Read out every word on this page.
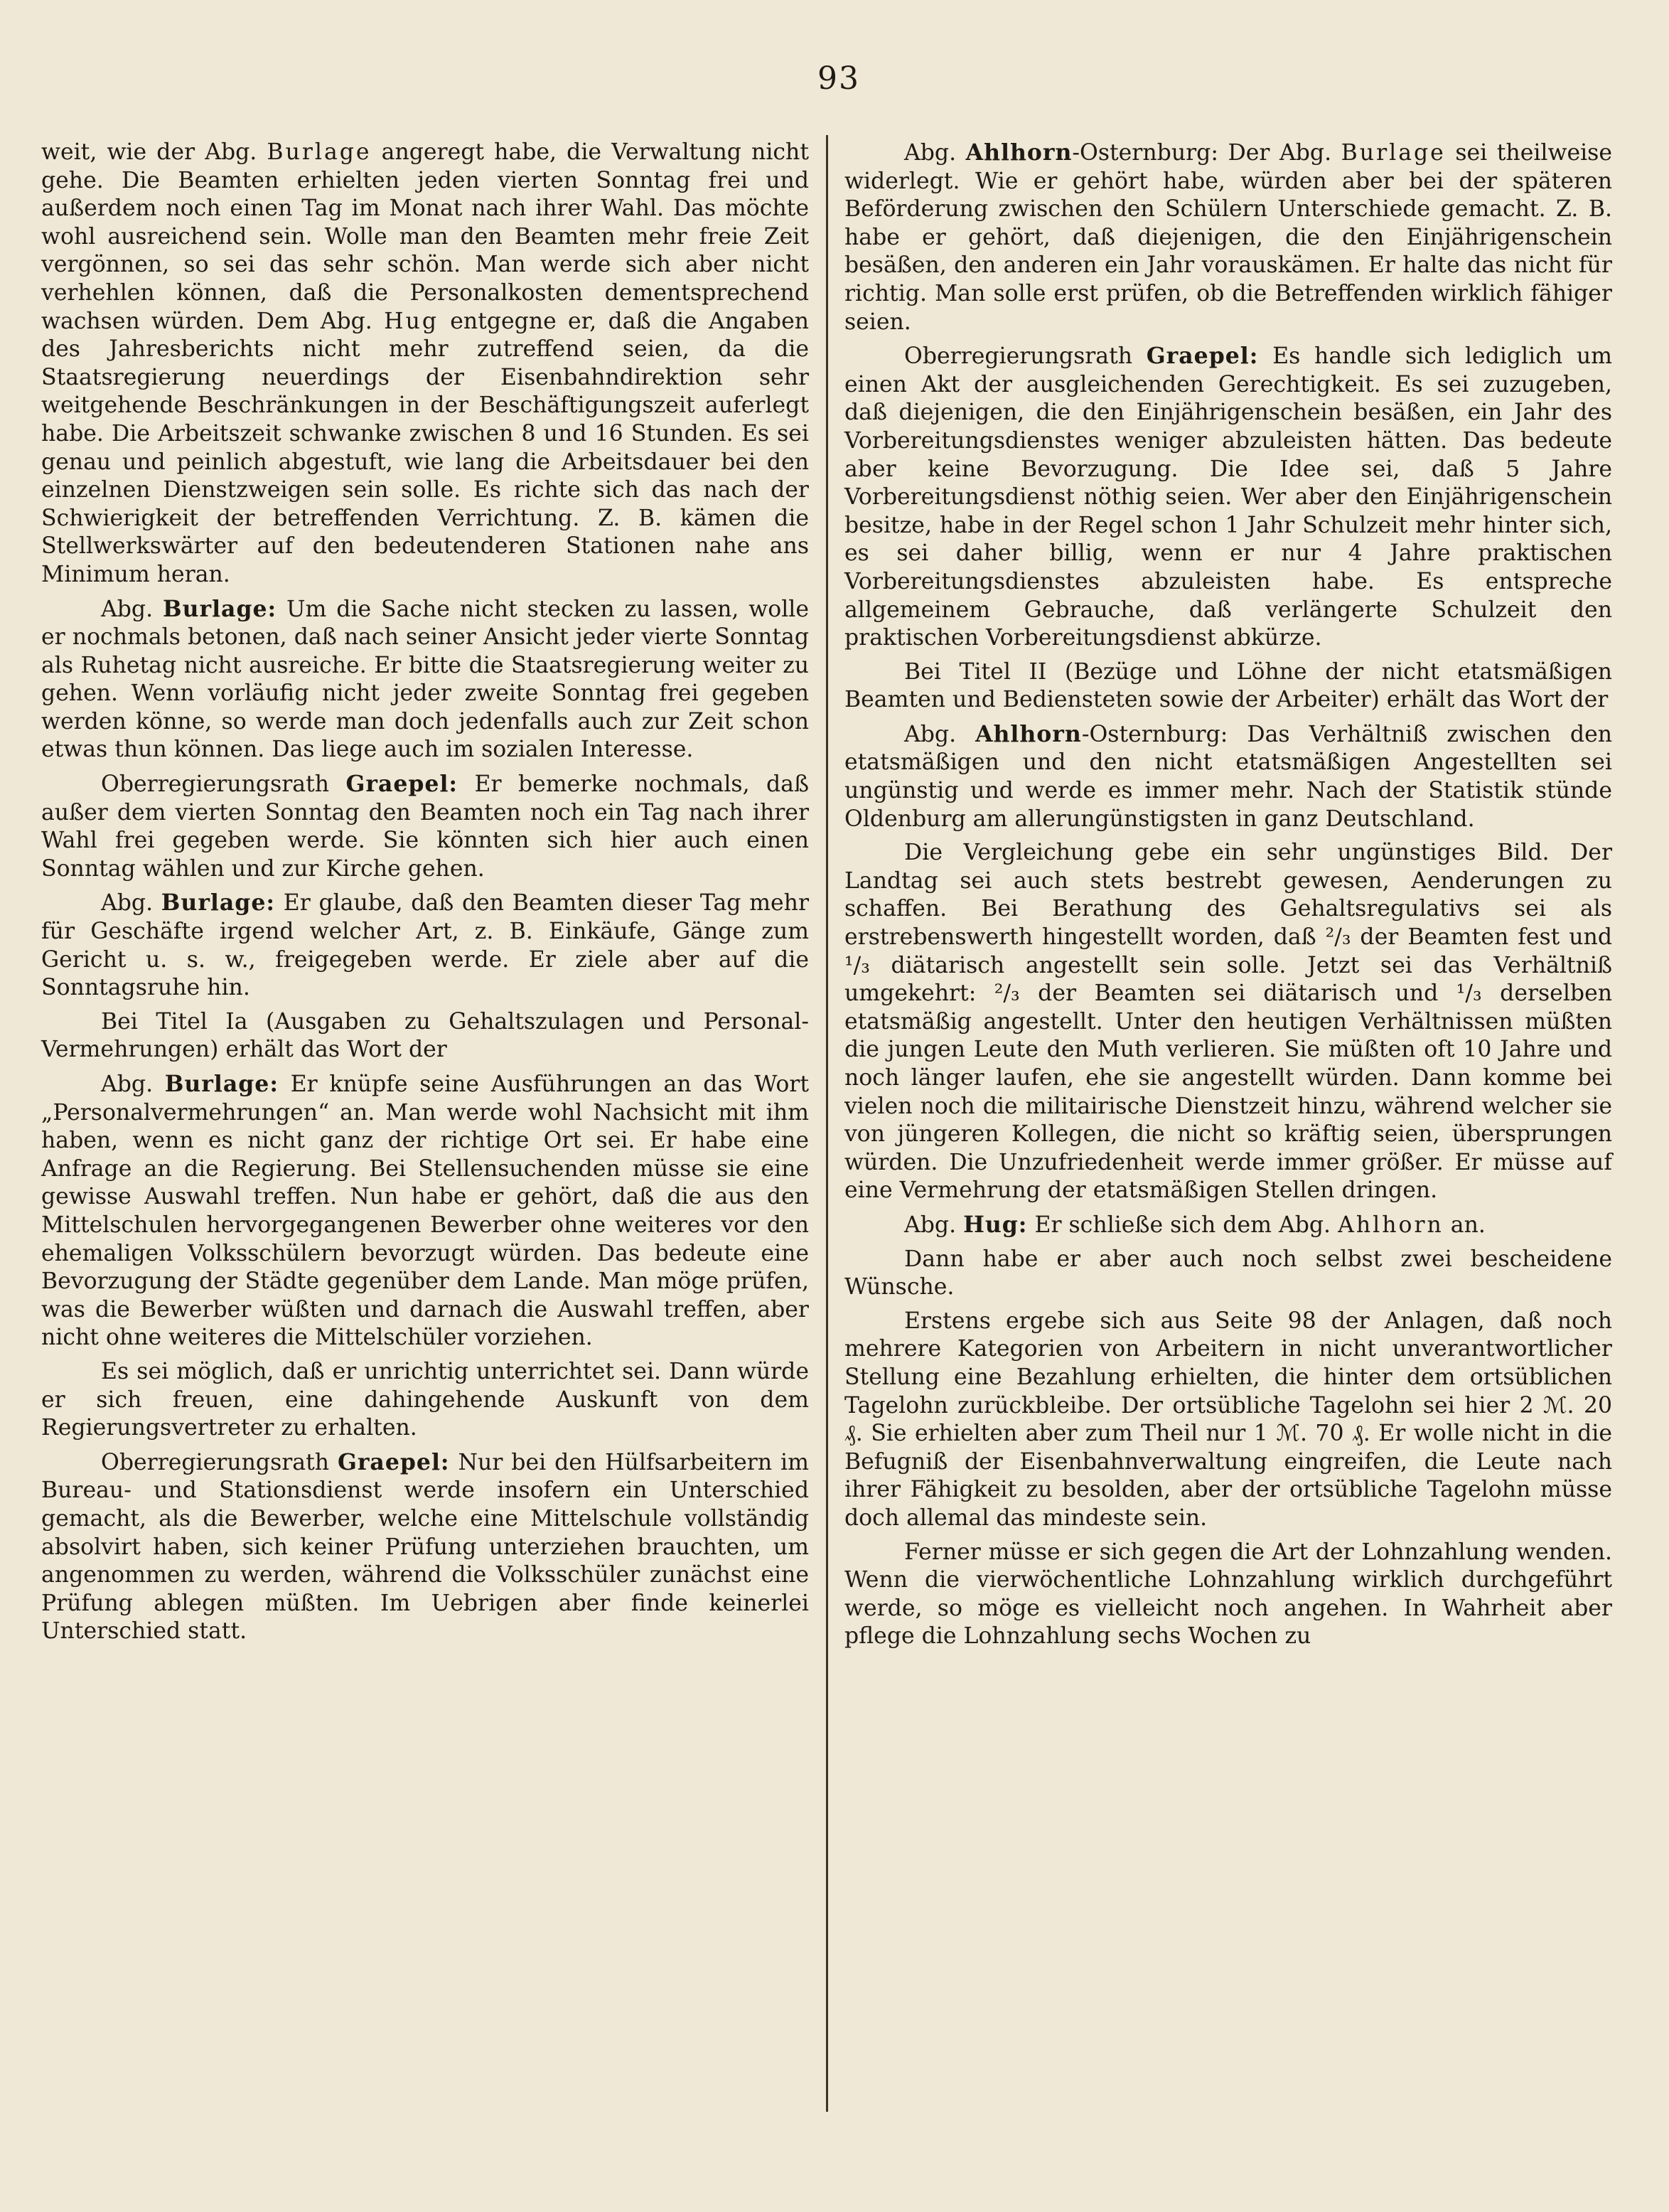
93

weit, wie der Abg. Burlage angeregt habe, die Verwaltung nicht gehe. Die Beamten erhielten jeden vierten Sonntag frei und außerdem noch einen Tag im Monat nach ihrer Wahl. Das möchte wohl ausreichend sein. Wolle man den Beamten mehr freie Zeit vergönnen, so sei das sehr schön. Man werde sich aber nicht verhehlen können, daß die Personalkosten dementsprechend wachsen würden. Dem Abg. Hug entgegne er, daß die Angaben des Jahresberichts nicht mehr zutreffend seien, da die Staatsregierung neuerdings der Eisenbahndirektion sehr weitgehende Beschränkungen in der Beschäftigungszeit auferlegt habe. Die Arbeitszeit schwanke zwischen 8 und 16 Stunden. Es sei genau und peinlich abgestuft, wie lang die Arbeitsdauer bei den einzelnen Dienstzweigen sein solle. Es richte sich das nach der Schwierigkeit der betreffenden Verrichtung. Z. B. kämen die Stellwerkswärter auf den bedeutenderen Stationen nahe ans Minimum heran.

Abg. Burlage: Um die Sache nicht stecken zu lassen, wolle er nochmals betonen, daß nach seiner Ansicht jeder vierte Sonntag als Ruhetag nicht ausreiche. Er bitte die Staatsregierung weiter zu gehen. Wenn vorläufig nicht jeder zweite Sonntag frei gegeben werden könne, so werde man doch jedenfalls auch zur Zeit schon etwas thun können. Das liege auch im sozialen Interesse.

Oberregierungsrath Graepel: Er bemerke nochmals, daß außer dem vierten Sonntag den Beamten noch ein Tag nach ihrer Wahl frei gegeben werde. Sie könnten sich hier auch einen Sonntag wählen und zur Kirche gehen.

Abg. Burlage: Er glaube, daß den Beamten dieser Tag mehr für Geschäfte irgend welcher Art, z. B. Einkäufe, Gänge zum Gericht u. s. w., freigegeben werde. Er ziele aber auf die Sonntagsruhe hin.

Bei Titel Ia (Ausgaben zu Gehaltszulagen und Personal-Vermehrungen) erhält das Wort der

Abg. Burlage: Er knüpfe seine Ausführungen an das Wort „Personalvermehrungen“ an. Man werde wohl Nachsicht mit ihm haben, wenn es nicht ganz der richtige Ort sei. Er habe eine Anfrage an die Regierung. Bei Stellensuchenden müsse sie eine gewisse Auswahl treffen. Nun habe er gehört, daß die aus den Mittelschulen hervorgegangenen Bewerber ohne weiteres vor den ehemaligen Volksschülern bevorzugt würden. Das bedeute eine Bevorzugung der Städte gegenüber dem Lande. Man möge prüfen, was die Bewerber wüßten und darnach die Auswahl treffen, aber nicht ohne weiteres die Mittelschüler vorziehen.

Es sei möglich, daß er unrichtig unterrichtet sei. Dann würde er sich freuen, eine dahingehende Auskunft von dem Regierungsvertreter zu erhalten.

Oberregierungsrath Graepel: Nur bei den Hülfsarbeitern im Bureau- und Stationsdienst werde insofern ein Unterschied gemacht, als die Bewerber, welche eine Mittelschule vollständig absolvirt haben, sich keiner Prüfung unterziehen brauchten, um angenommen zu werden, während die Volksschüler zunächst eine Prüfung ablegen müßten. Im Uebrigen aber finde keinerlei Unterschied statt.

Abg. Ahlhorn-Osternburg: Der Abg. Burlage sei theilweise widerlegt. Wie er gehört habe, würden aber bei der späteren Beförderung zwischen den Schülern Unterschiede gemacht. Z. B. habe er gehört, daß diejenigen, die den Einjährigenschein besäßen, den anderen ein Jahr vorauskämen. Er halte das nicht für richtig. Man solle erst prüfen, ob die Betreffenden wirklich fähiger seien.

Oberregierungsrath Graepel: Es handle sich lediglich um einen Akt der ausgleichenden Gerechtigkeit. Es sei zuzugeben, daß diejenigen, die den Einjährigenschein besäßen, ein Jahr des Vorbereitungsdienstes weniger abzuleisten hätten. Das bedeute aber keine Bevorzugung. Die Idee sei, daß 5 Jahre Vorbereitungsdienst nöthig seien. Wer aber den Einjährigenschein besitze, habe in der Regel schon 1 Jahr Schulzeit mehr hinter sich, es sei daher billig, wenn er nur 4 Jahre praktischen Vorbereitungsdienstes abzuleisten habe. Es entspreche allgemeinem Gebrauche, daß verlängerte Schulzeit den praktischen Vorbereitungsdienst abkürze.

Bei Titel II (Bezüge und Löhne der nicht etatsmäßigen Beamten und Bediensteten sowie der Arbeiter) erhält das Wort der

Abg. Ahlhorn-Osternburg: Das Verhältniß zwischen den etatsmäßigen und den nicht etatsmäßigen Angestellten sei ungünstig und werde es immer mehr. Nach der Statistik stünde Oldenburg am allerungünstigsten in ganz Deutschland.

Die Vergleichung gebe ein sehr ungünstiges Bild. Der Landtag sei auch stets bestrebt gewesen, Aenderungen zu schaffen. Bei Berathung des Gehaltsregulativs sei als erstrebenswerth hingestellt worden, daß ²/₃ der Beamten fest und ¹/₃ diätarisch angestellt sein solle. Jetzt sei das Verhältniß umgekehrt: ²/₃ der Beamten sei diätarisch und ¹/₃ derselben etatsmäßig angestellt. Unter den heutigen Verhältnissen müßten die jungen Leute den Muth verlieren. Sie müßten oft 10 Jahre und noch länger laufen, ehe sie angestellt würden. Dann komme bei vielen noch die militairische Dienstzeit hinzu, während welcher sie von jüngeren Kollegen, die nicht so kräftig seien, übersprungen würden. Die Unzufriedenheit werde immer größer. Er müsse auf eine Vermehrung der etatsmäßigen Stellen dringen.

Abg. Hug: Er schließe sich dem Abg. Ahlhorn an.

Dann habe er aber auch noch selbst zwei bescheidene Wünsche.

Erstens ergebe sich aus Seite 98 der Anlagen, daß noch mehrere Kategorien von Arbeitern in nicht unverantwortlicher Stellung eine Bezahlung erhielten, die hinter dem ortsüblichen Tagelohn zurückbleibe. Der ortsübliche Tagelohn sei hier 2 ℳ. 20 ₰. Sie erhielten aber zum Theil nur 1 ℳ. 70 ₰. Er wolle nicht in die Befugniß der Eisenbahnverwaltung eingreifen, die Leute nach ihrer Fähigkeit zu besolden, aber der ortsübliche Tagelohn müsse doch allemal das mindeste sein.

Ferner müsse er sich gegen die Art der Lohnzahlung wenden. Wenn die vierwöchentliche Lohnzahlung wirklich durchgeführt werde, so möge es vielleicht noch angehen. In Wahrheit aber pflege die Lohnzahlung sechs Wochen zu
